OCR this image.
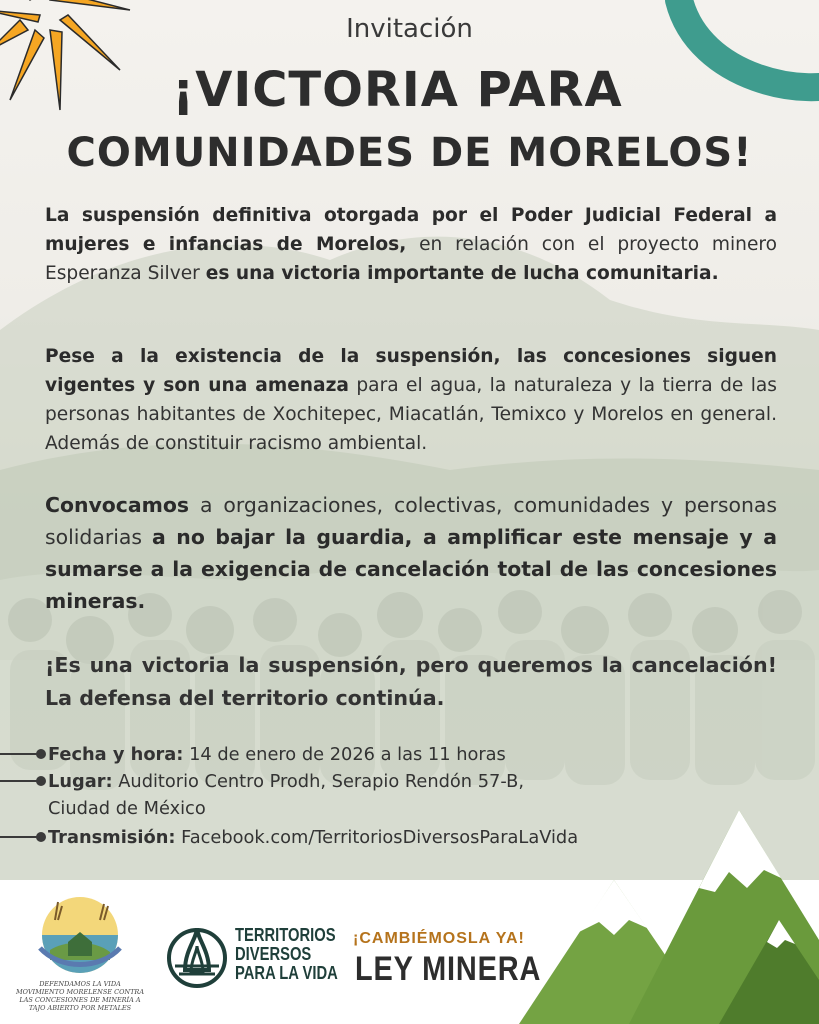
Invitación
¡VICTORIA PARA
COMUNIDADES DE MORELOS!
La suspensión definitiva otorgada por el Poder Judicial Federal a mujeres e infancias de Morelos, en relación con el proyecto minero Esperanza Silver es una victoria importante de lucha comunitaria.
Pese a la existencia de la suspensión, las concesiones siguen vigentes y son una amenaza para el agua, la naturaleza y la tierra de las personas habitantes de Xochitepec, Miacatlán, Temixco y Morelos en general. Además de constituir racismo ambiental.
Convocamos a organizaciones, colectivas, comunidades y personas solidarias a no bajar la guardia, a amplificar este mensaje y a sumarse a la exigencia de cancelación total de las concesiones mineras.
¡Es una victoria la suspensión, pero queremos la cancelación! La defensa del territorio continúa.
Fecha y hora: 14 de enero de 2026 a las 11 horas
Lugar: Auditorio Centro Prodh, Serapio Rendón 57-B,
Ciudad de México
Transmisión: Facebook.com/TerritoriosDiversosParaLaVida
DEFENDAMOS LA VIDA
MOVIMIENTO MORELENSE CONTRA LAS CONCESIONES DE MINERÍA A TAJO ABIERTO POR METALES
TERRITORIOS
DIVERSOS
PARA LA VIDA
¡CAMBIÉMOSLA YA!
LEY MINERA
